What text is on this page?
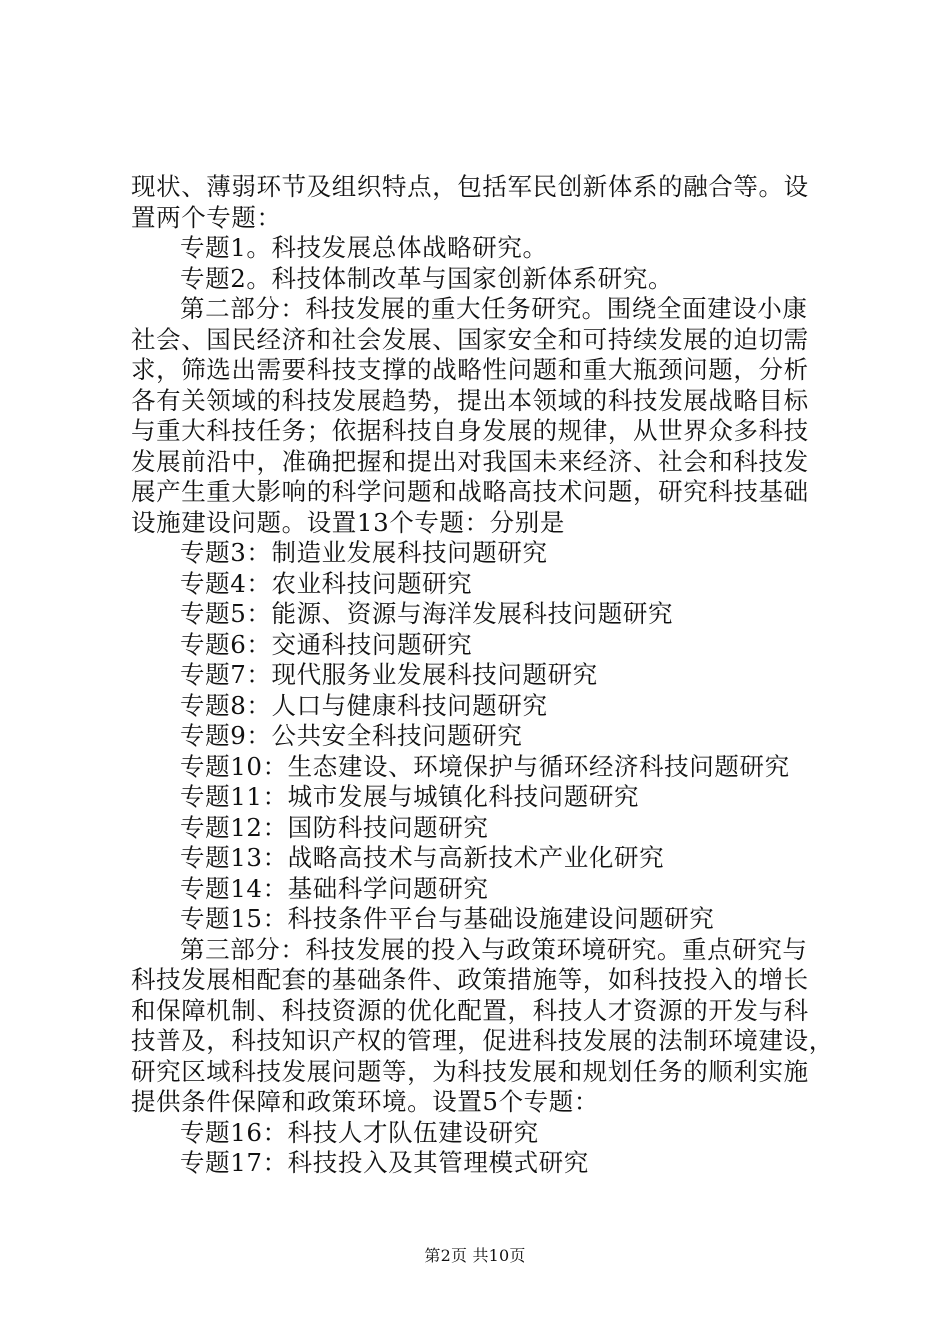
现状、薄弱环节及组织特点，包括军民创新体系的融合等。设
置两个专题：
专题1。科技发展总体战略研究。
专题2。科技体制改革与国家创新体系研究。
第二部分：科技发展的重大任务研究。围绕全面建设小康
社会、国民经济和社会发展、国家安全和可持续发展的迫切需
求，筛选出需要科技支撑的战略性问题和重大瓶颈问题，分析
各有关领域的科技发展趋势，提出本领域的科技发展战略目标
与重大科技任务；依据科技自身发展的规律，从世界众多科技
发展前沿中，准确把握和提出对我国未来经济、社会和科技发
展产生重大影响的科学问题和战略高技术问题，研究科技基础
设施建设问题。设置13个专题：分别是
专题3：制造业发展科技问题研究
专题4：农业科技问题研究
专题5：能源、资源与海洋发展科技问题研究
专题6：交通科技问题研究
专题7：现代服务业发展科技问题研究
专题8：人口与健康科技问题研究
专题9：公共安全科技问题研究
专题10：生态建设、环境保护与循环经济科技问题研究
专题11：城市发展与城镇化科技问题研究
专题12：国防科技问题研究
专题13：战略高技术与高新技术产业化研究
专题14：基础科学问题研究
专题15：科技条件平台与基础设施建设问题研究
第三部分：科技发展的投入与政策环境研究。重点研究与
科技发展相配套的基础条件、政策措施等，如科技投入的增长
和保障机制、科技资源的优化配置，科技人才资源的开发与科
技普及，科技知识产权的管理，促进科技发展的法制环境建设，
研究区域科技发展问题等，为科技发展和规划任务的顺利实施
提供条件保障和政策环境。设置5个专题：
专题16：科技人才队伍建设研究
专题17：科技投入及其管理模式研究
第2页 共10页
